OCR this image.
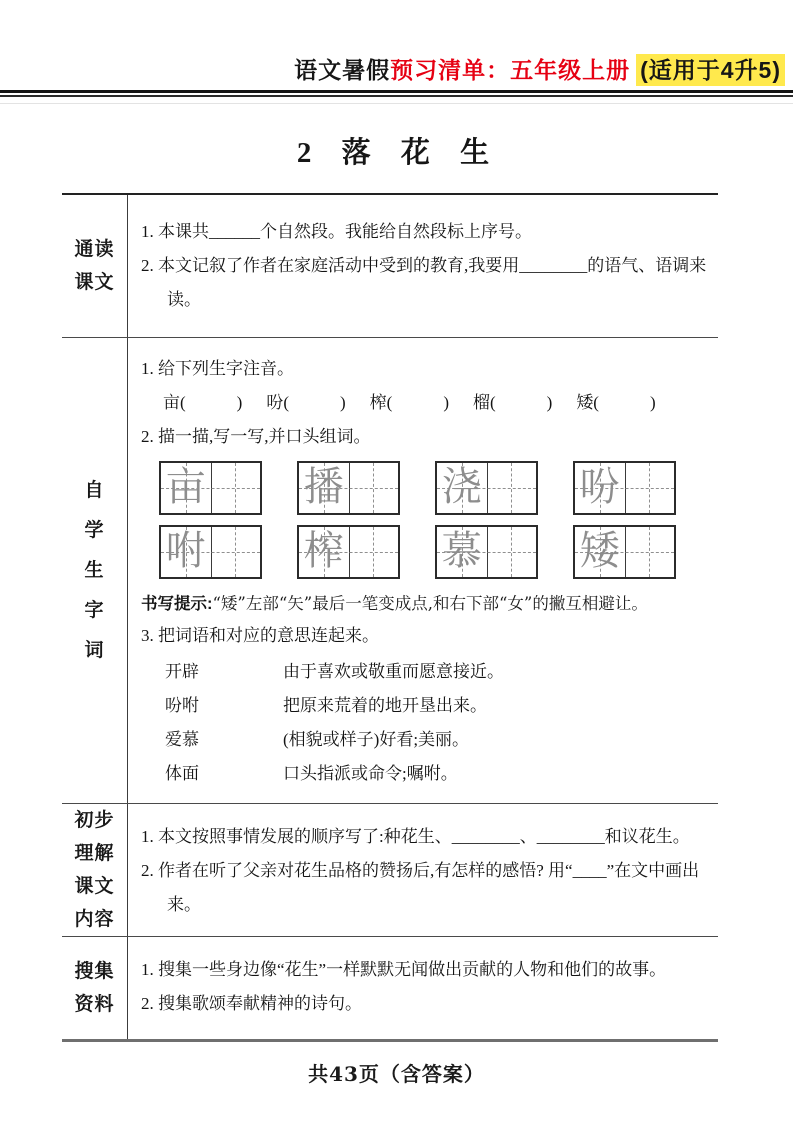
语文暑假预习清单：五年级上册 (适用于4升5)
2 落 花 生
通读
课文

1. 本课共______个自然段。我能给自然段标上序号。

2. 本文记叙了作者在家庭活动中受到的教育,我要用________的语气、语调来读。

自
学
生
字
词

1. 给下列生字注音。

亩(　　　) 吩(　　　) 榨(　　　) 榴(　　　) 矮(　　　)

2. 描一描,写一写,并口头组词。

亩 播 浇 吩
咐 榨 慕 矮

书写提示:“矮”左部“矢”最后一笔变成点,和右下部“女”的撇互相避让。

3. 把词语和对应的意思连起来。

开辟	由于喜欢或敬重而愿意接近。
吩咐	把原来荒着的地开垦出来。
爱慕	(相貌或样子)好看;美丽。
体面	口头指派或命令;嘱咐。
初步
理解
课文
内容

1. 本文按照事情发展的顺序写了:种花生、________、________和议花生。

2. 作者在听了父亲对花生品格的赞扬后,有怎样的感悟? 用“____”在文中画出来。

搜集
资料

1. 搜集一些身边像“花生”一样默默无闻做出贡献的人物和他们的故事。

2. 搜集歌颂奉献精神的诗句。

共43页（含答案）
